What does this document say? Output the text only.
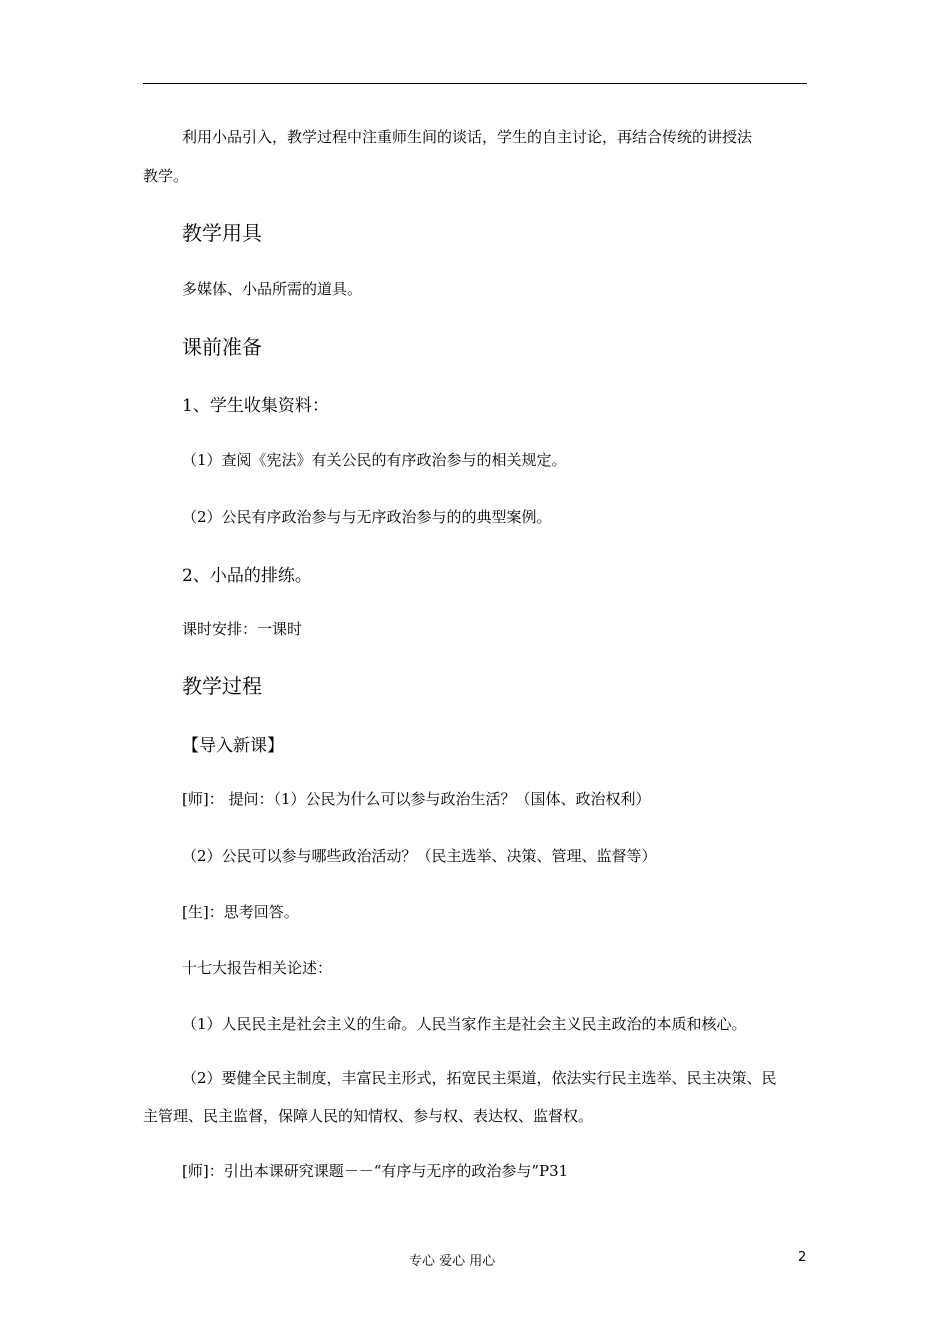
利用小品引入，教学过程中注重师生间的谈话，学生的自主讨论，再结合传统的讲授法
教学。
教学用具
多媒体、小品所需的道具。
课前准备
1、学生收集资料：
（1）查阅《宪法》有关公民的有序政治参与的相关规定。
（2）公民有序政治参与与无序政治参与的的典型案例。
2、小品的排练。
课时安排：一课时
教学过程
【导入新课】
[师]： 提问：（1）公民为什么可以参与政治生活？（国体、政治权利）
（2）公民可以参与哪些政治活动？（民主选举、决策、管理、监督等）
[生]：思考回答。
十七大报告相关论述：
（1）人民民主是社会主义的生命。人民当家作主是社会主义民主政治的本质和核心。
（2）要健全民主制度，丰富民主形式，拓宽民主渠道，依法实行民主选举、民主决策、民
主管理、民主监督，保障人民的知情权、参与权、表达权、监督权。
[师]：引出本课研究课题－－“有序与无序的政治参与”P31
专心 爱心 用心	2
